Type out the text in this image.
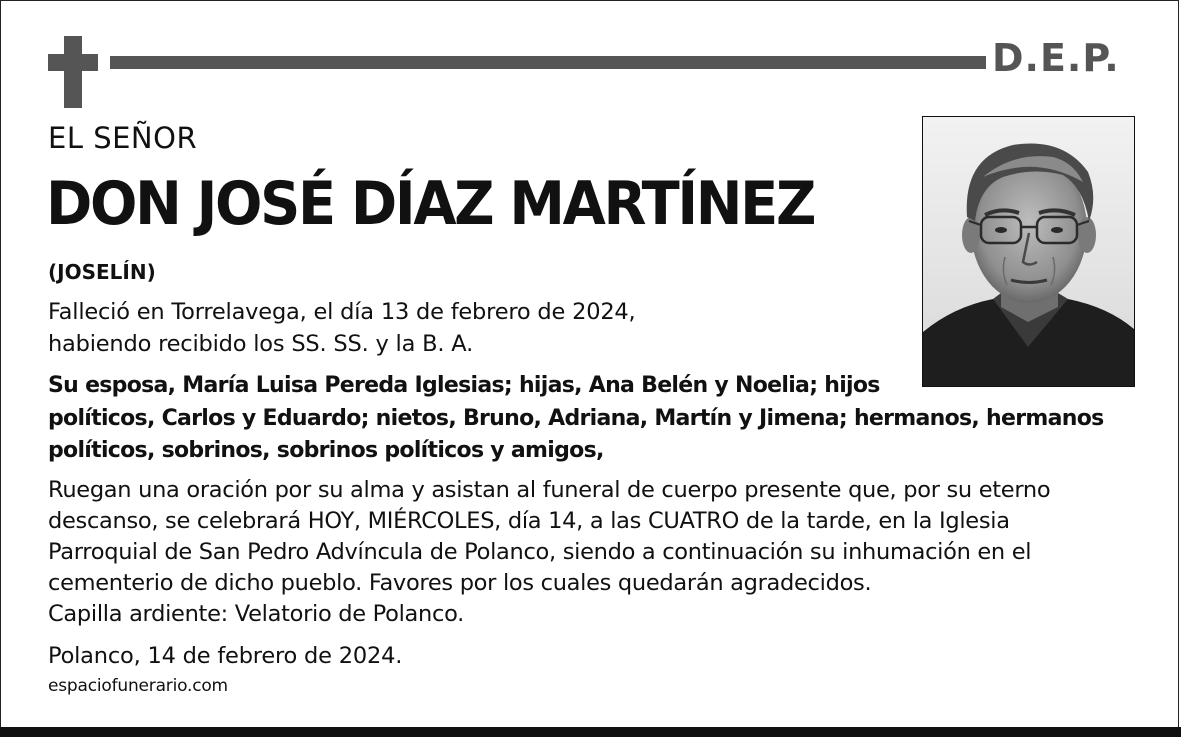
D.E.P.
EL SEÑOR
DON JOSÉ DÍAZ MARTÍNEZ
(JOSELÍN)
Falleció en Torrelavega, el día 13 de febrero de 2024,
habiendo recibido los SS. SS. y la B. A.
Su esposa, María Luisa Pereda Iglesias; hijas, Ana Belén y Noelia; hijos
políticos, Carlos y Eduardo; nietos, Bruno, Adriana, Martín y Jimena; hermanos, hermanos
políticos, sobrinos, sobrinos políticos y amigos,
Ruegan una oración por su alma y asistan al funeral de cuerpo presente que, por su eterno
descanso, se celebrará HOY, MIÉRCOLES, día 14, a las CUATRO de la tarde, en la Iglesia
Parroquial de San Pedro Advíncula de Polanco, siendo a continuación su inhumación en el
cementerio de dicho pueblo. Favores por los cuales quedarán agradecidos.
Capilla ardiente: Velatorio de Polanco.
Polanco, 14 de febrero de 2024.
espaciofunerario.com
